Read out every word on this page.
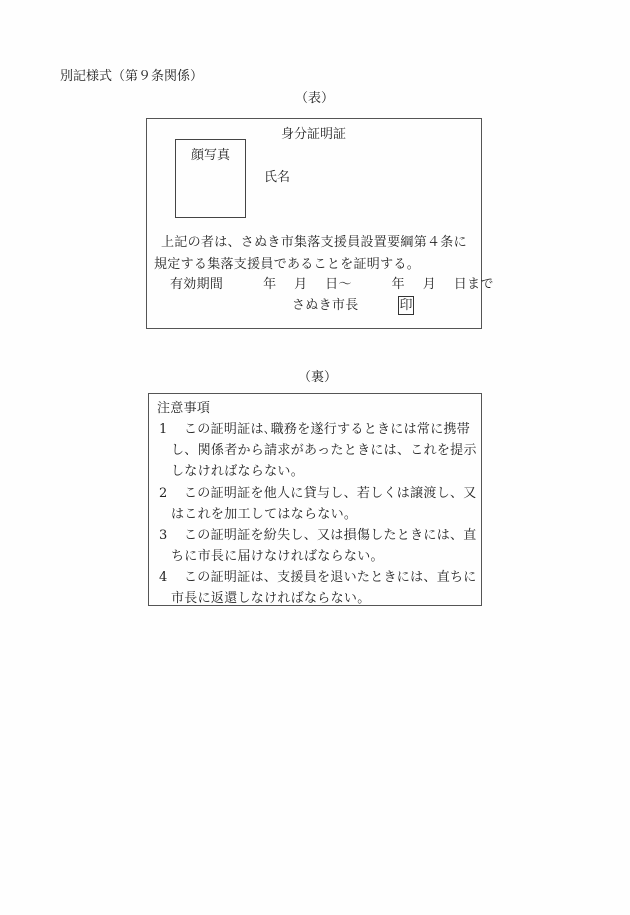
別記様式（第９条関係）
（表）
身分証明証
顔写真
氏名
上記の者は、さぬき市集落支援員設置要綱第４条に
規定する集落支援員であることを証明する。
有効期間　　　年　 月　 日～　　　年　 月　 日まで
さぬき市長	印
（裏）
注意事項
1 この証明証は､職務を遂行するときには常に携帯
し、関係者から請求があったときには、これを提示
しなければならない。
2 この証明証を他人に貸与し、若しくは譲渡し、又
はこれを加工してはならない。
3 この証明証を紛失し、又は損傷したときには、直
ちに市長に届けなければならない。
4 この証明証は、支援員を退いたときには、直ちに
市長に返還しなければならない。
